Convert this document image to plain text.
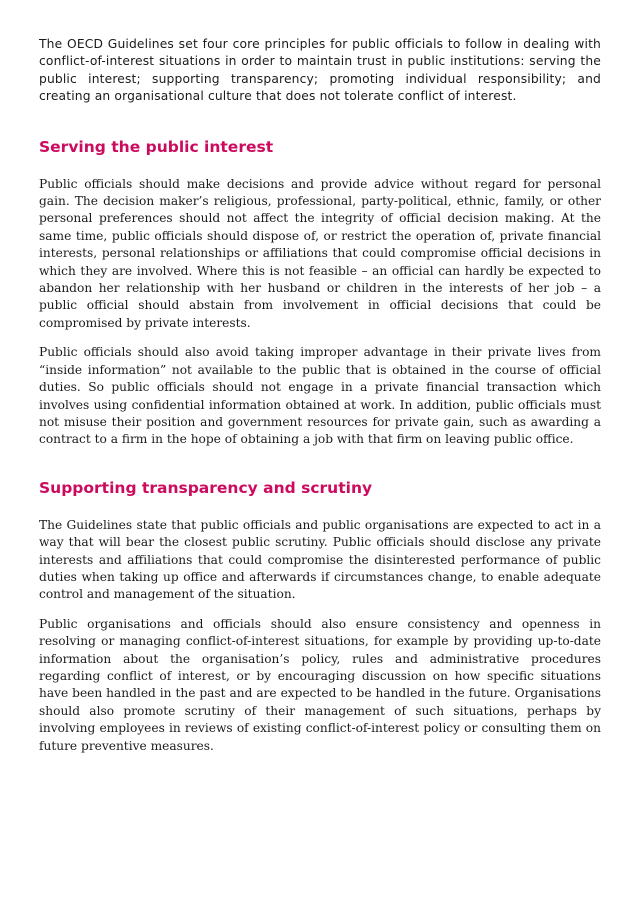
The OECD Guidelines set four core principles for public officials to follow in dealing with conflict-of-interest situations in order to maintain trust in public institutions: serving the public interest; supporting transparency; promoting individual responsibility; and creating an organisational culture that does not tolerate conflict of interest.

Serving the public interest

Public officials should make decisions and provide advice without regard for personal gain. The decision maker’s religious, professional, party-political, ethnic, family, or other personal preferences should not affect the integrity of official decision making. At the same time, public officials should dispose of, or restrict the operation of, private financial interests, personal relationships or affiliations that could compromise official decisions in which they are involved. Where this is not feasible – an official can hardly be expected to abandon her relationship with her husband or children in the interests of her job – a public official should abstain from involvement in official decisions that could be compromised by private interests.

Public officials should also avoid taking improper advantage in their private lives from “inside information” not available to the public that is obtained in the course of official duties. So public officials should not engage in a private financial transaction which involves using confidential information obtained at work. In addition, public officials must not misuse their position and government resources for private gain, such as awarding a contract to a firm in the hope of obtaining a job with that firm on leaving public office.

Supporting transparency and scrutiny

The Guidelines state that public officials and public organisations are expected to act in a way that will bear the closest public scrutiny. Public officials should disclose any private interests and affiliations that could compromise the disinterested performance of public duties when taking up office and afterwards if circumstances change, to enable adequate control and management of the situation.

Public organisations and officials should also ensure consistency and openness in resolving or managing conflict-of-interest situations, for example by providing up-to-date information about the organisation’s policy, rules and administrative procedures regarding conflict of interest, or by encouraging discussion on how specific situations have been handled in the past and are expected to be handled in the future. Organisations should also promote scrutiny of their management of such situations, perhaps by involving employees in reviews of existing conflict-of-interest policy or consulting them on future preventive measures.
